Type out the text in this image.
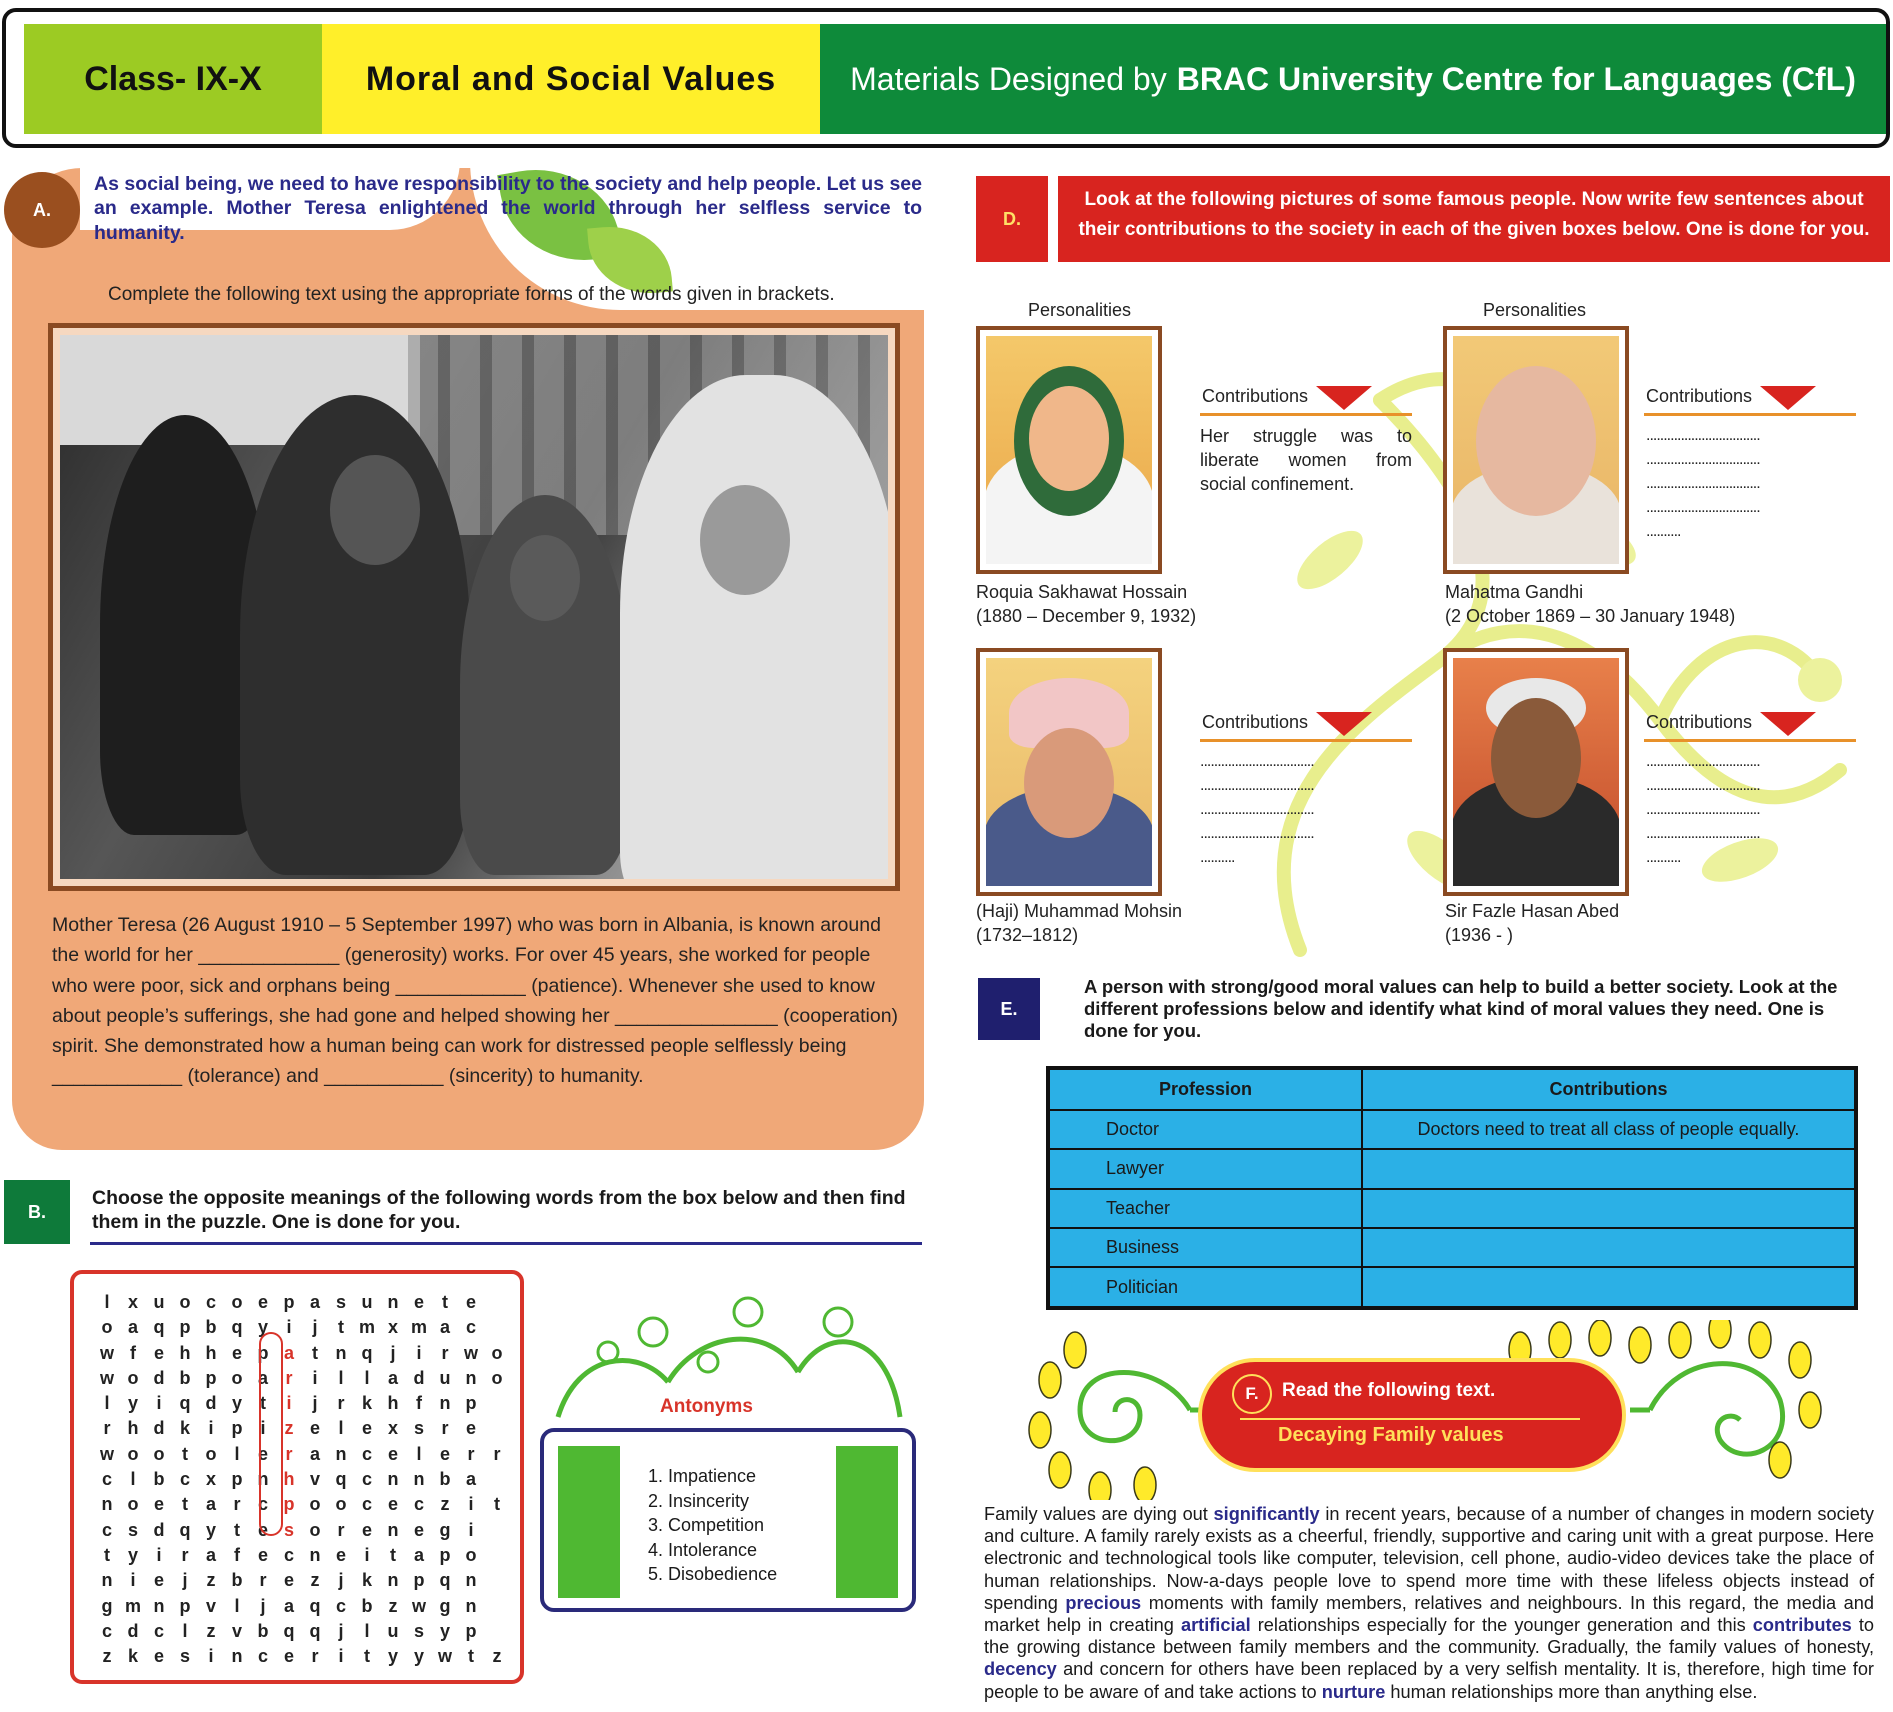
Class- IX-X	Moral and Social Values	Materials Designed by BRAC University Centre for Languages (CfL)
A.
As social being, we need to have responsibility to the society and help people. Let us see an example. Mother Teresa enlightened the world through her selfless service to humanity.
Complete the following text using the appropriate forms of the words given in brackets.
Mother Teresa (26 August 1910 – 5 September 1997) who was born in Albania, is known around the world for her _____________ (generosity) works. For over 45 years, she worked for people who were poor, sick and orphans being ____________ (patience). Whenever she used to know about people’s sufferings, she had gone and helped showing her _______________ (cooperation) spirit. She demonstrated how a human being can work for distressed people selflessly being ____________ (tolerance) and ___________ (sincerity) to humanity.
B.
Choose the opposite meanings of the following words from the box below and then find them in the puzzle. One is done for you.
l	x u o c o e p a s u n e	t e
o a q p b q y	i	j	t m x m a c
w f e h h e p a	t n q j	i	r w o
w o d b p o a r	i	l	l	a d u n o
l	y	i	q d y	t	i	j	r k h f n p
r h d k	i	p i	z e	l	e x s r e
w o o t o l	e r a n c e	l	e r	r
c	l	b c x p n h v q c n n b a
n o e	t a r c p o o c e c z	i	t
c s d q y	t e s o r e n e g i
t y	i	r a	f e c n e	i	t a p o
n i	e	j	z b r e z	j	k n p q n
g m n p v	l	j	a q c b z w g n
c d c	l	z v b q q j	l	u s y p
z k e s	i	n c e r	i	t y y w t	z
Antonyms
1. Impatience
2. Insincerity
3. Competition
4. Intolerance
5. Disobedience
D.
Look at the following pictures of some famous people. Now write few sentences about their contributions to the society in each of the given boxes below. One is done for you.
Personalities	Personalities
Roquia Sakhawat Hossain
(1880 – December 9, 1932)
Mahatma Gandhi
(2 October 1869 – 30 January 1948)
(Haji) Muhammad Mohsin
(1732–1812)
Sir Fazle Hasan Abed
(1936 - )
Contributions
Her struggle was to liberate women from social confinement.
Contributions
.................................
.................................
.................................
.................................
..........
Contributions
.................................
.................................
.................................
.................................
..........
Contributions
.................................
.................................
.................................
.................................
..........
E.
A person with strong/good moral values can help to build a better society. Look at the different professions below and identify what kind of moral values they need. One is done for you.
Profession	Contributions
Doctor	Doctors need to treat all class of people equally.
Lawyer	
Teacher	
Business	
Politician	
F.	Read the following text.
Decaying Family values
Family values are dying out significantly in recent years, because of a number of changes in modern society and culture. A family rarely exists as a cheerful, friendly, supportive and caring unit with a great purpose. Here electronic and technological tools like computer, television, cell phone, audio-video devices take the place of human relationships. Now-a-days people love to spend more time with these lifeless objects instead of spending precious moments with family members, relatives and neighbours. In this regard, the media and market help in creating artificial relationships especially for the younger generation and this contributes to the growing distance between family members and the community. Gradually, the family values of honesty, decency and concern for others have been replaced by a very selfish mentality. It is, therefore, high time for people to be aware of and take actions to nurture human relationships more than anything else.
